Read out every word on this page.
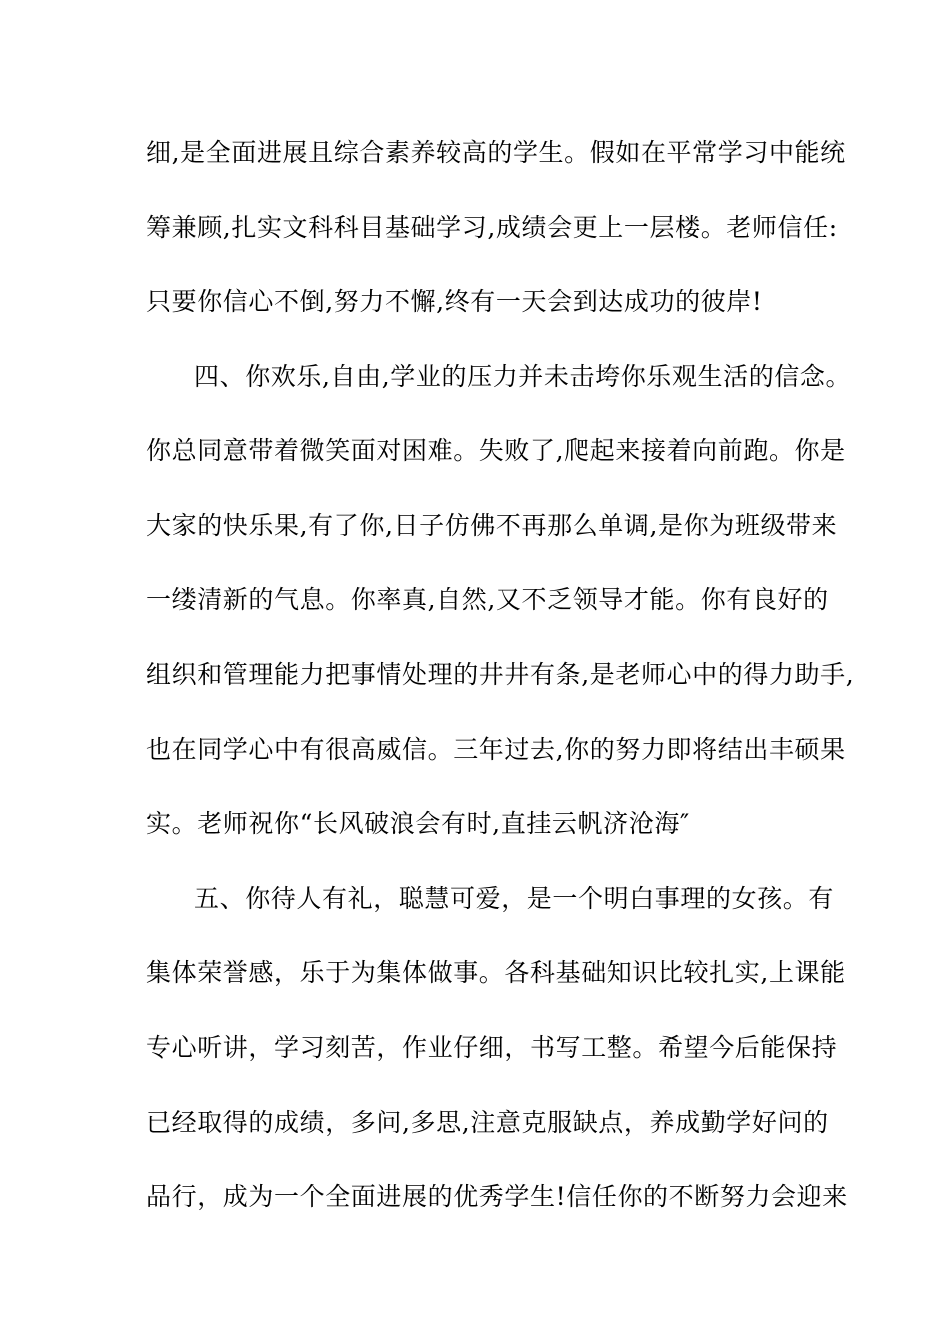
细,是全面进展且综合素养较高的学生。假如在平常学习中能统
筹兼顾,扎实文科科目基础学习,成绩会更上一层楼。老师信任:
只要你信心不倒,努力不懈,终有一天会到达成功的彼岸!
四、你欢乐,自由,学业的压力并未击垮你乐观生活的信念。
你总同意带着微笑面对困难。失败了,爬起来接着向前跑。你是
大家的快乐果,有了你,日子仿佛不再那么单调,是你为班级带来
一缕清新的气息。你率真,自然,又不乏领导才能。你有良好的
组织和管理能力把事情处理的井井有条,是老师心中的得力助手,
也在同学心中有很高威信。三年过去,你的努力即将结出丰硕果
实。老师祝你“长风破浪会有时,直挂云帆济沧海″
五、你待人有礼，聪慧可爱，是一个明白事理的女孩。有
集体荣誉感，乐于为集体做事。各科基础知识比较扎实,上课能
专心听讲，学习刻苦，作业仔细，书写工整。希望今后能保持
已经取得的成绩，多问,多思,注意克服缺点，养成勤学好问的
品行，成为一个全面进展的优秀学生!信任你的不断努力会迎来
